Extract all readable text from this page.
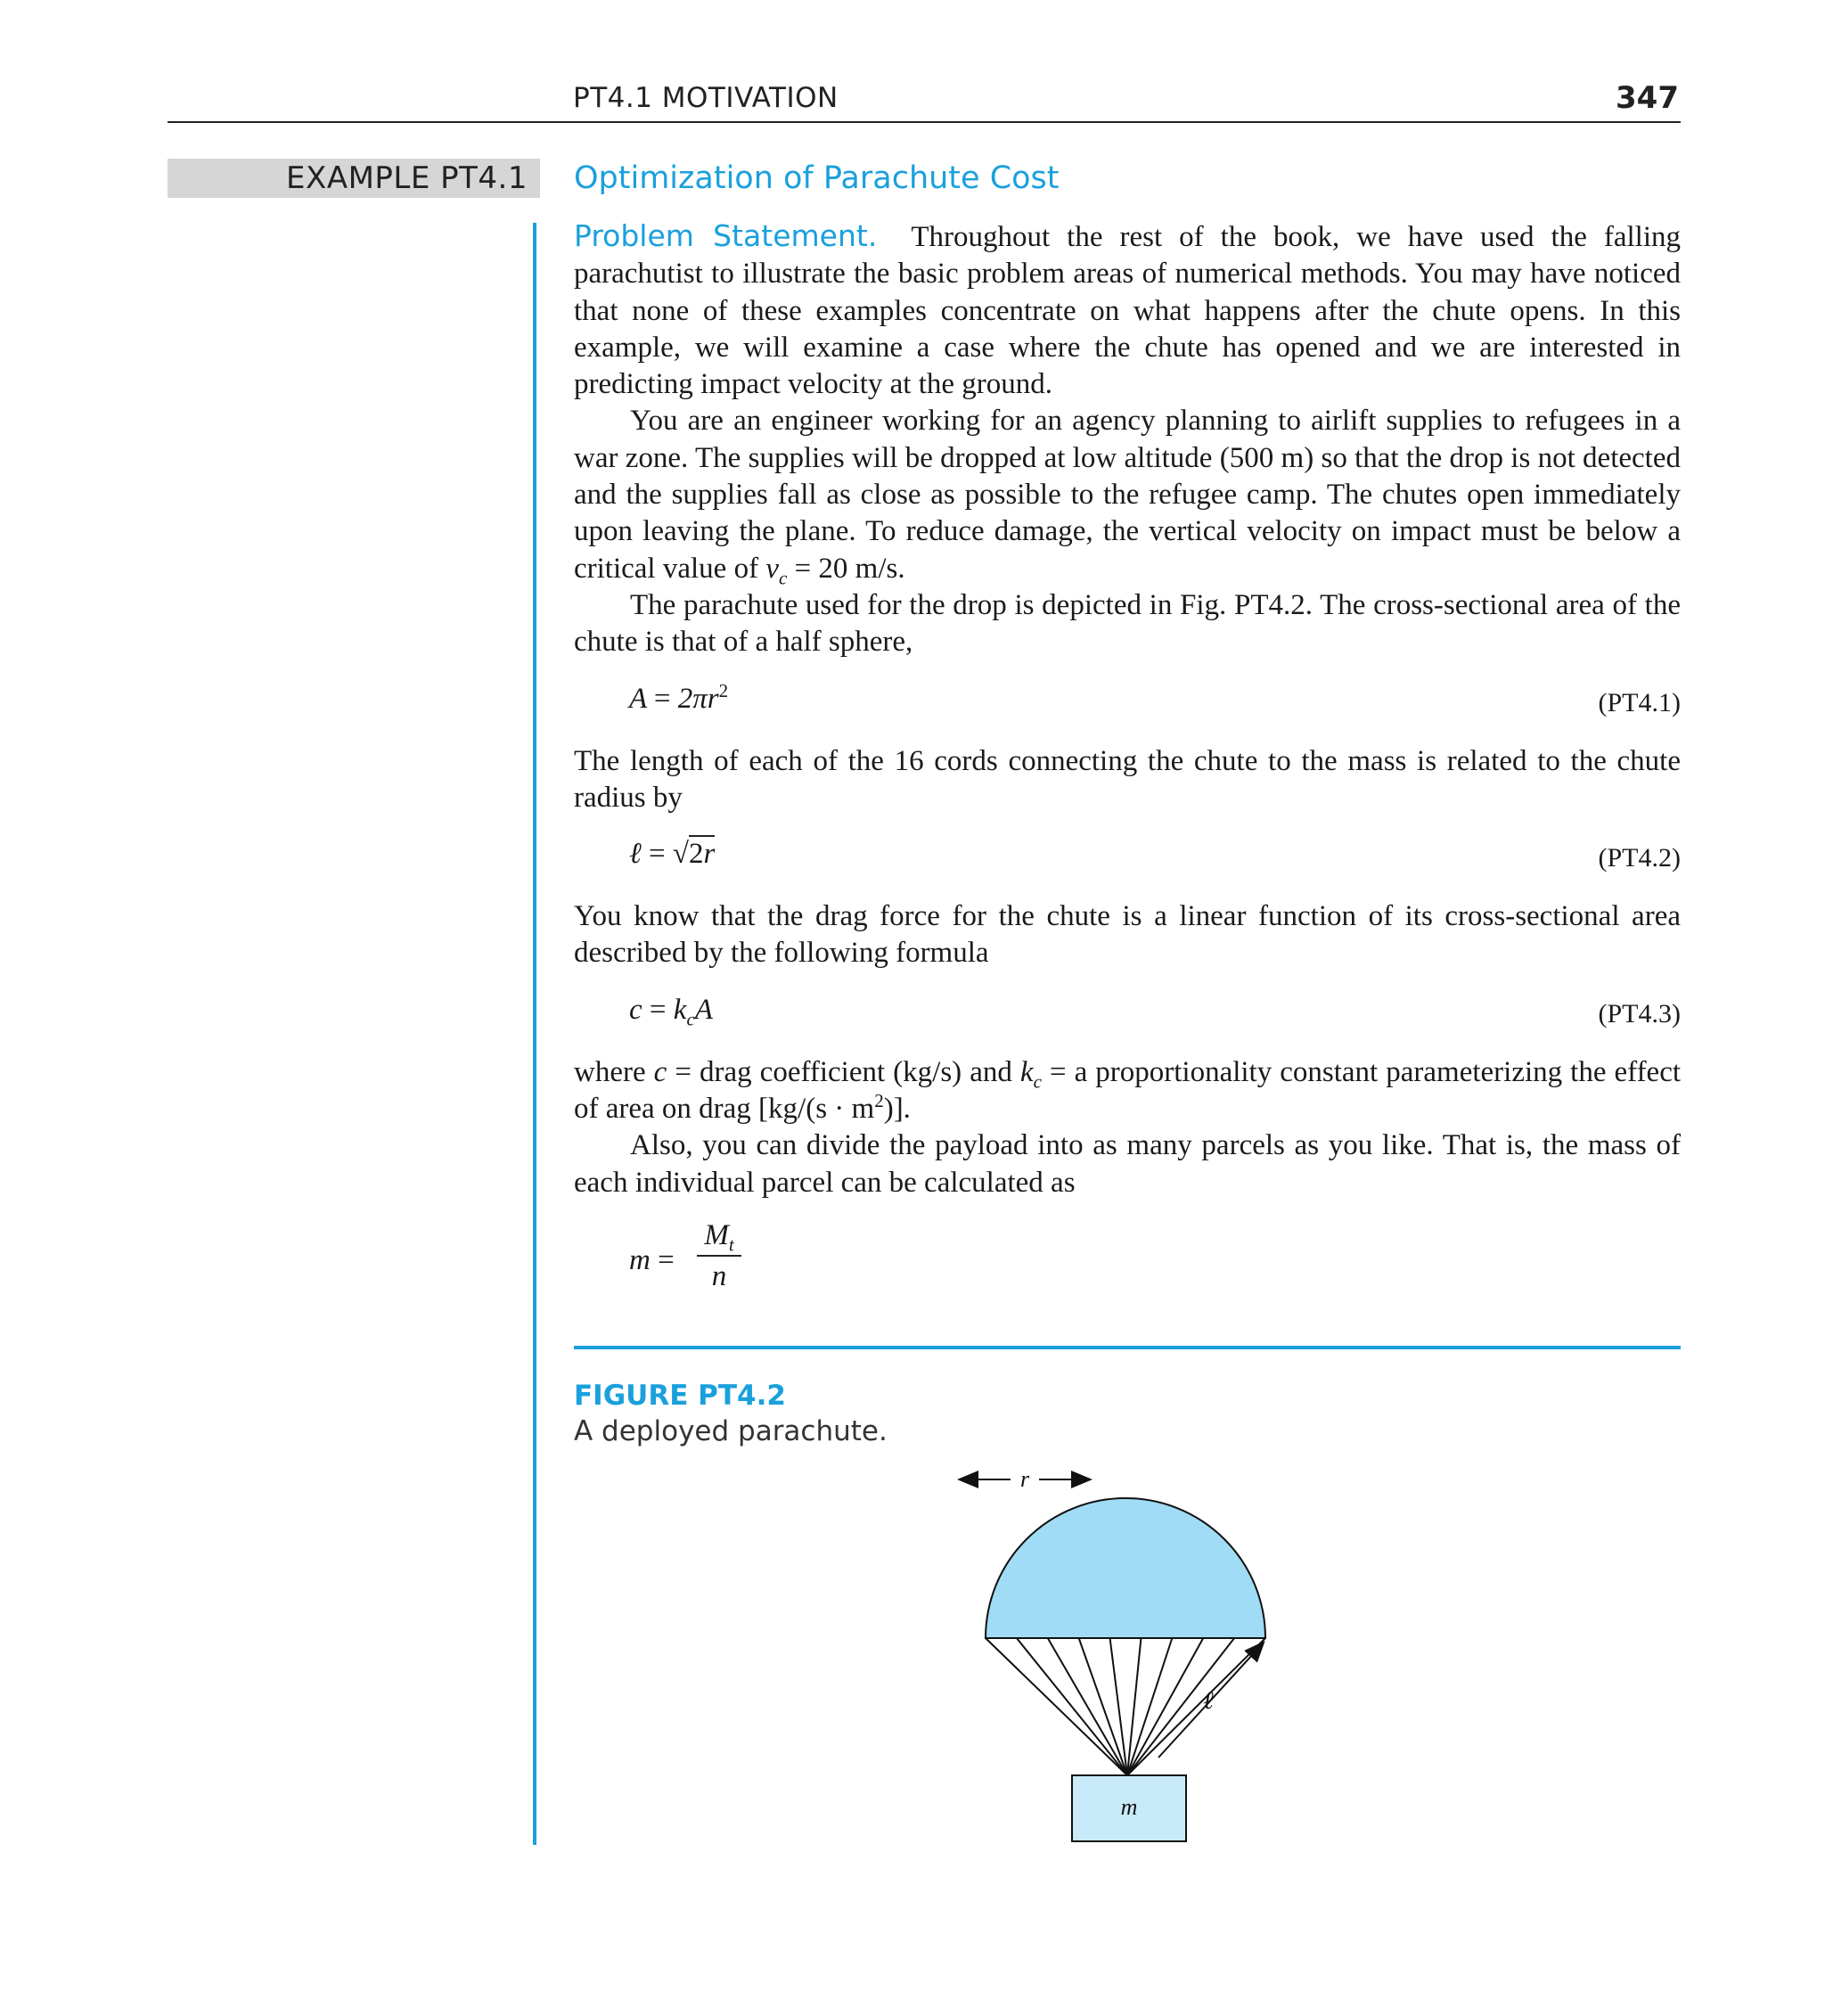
PT4.1 MOTIVATION	347
EXAMPLE PT4.1 Optimization of Parachute Cost

Problem Statement. Throughout the rest of the book, we have used the falling parachutist to illustrate the basic problem areas of numerical methods. You may have noticed that none of these examples concentrate on what happens after the chute opens. In this example, we will examine a case where the chute has opened and we are interested in predicting impact velocity at the ground.

You are an engineer working for an agency planning to airlift supplies to refugees in a war zone. The supplies will be dropped at low altitude (500 m) so that the drop is not detected and the supplies fall as close as possible to the refugee camp. The chutes open immediately upon leaving the plane. To reduce damage, the vertical velocity on impact must be below a critical value of $v_c = 20$ m/s.

The parachute used for the drop is depicted in Fig. PT4.2. The cross-sectional area of the chute is that of a half sphere,

$A = 2\pi r^2$	(PT4.1)

The length of each of the 16 cords connecting the chute to the mass is related to the chute radius by

ℓ = √2r	(PT4.2)

You know that the drag force for the chute is a linear function of its cross-sectional area described by the following formula

$c = k_cA$	(PT4.3)

where c = drag coefficient (kg/s) and $k_c = a$ proportionality constant parameterizing the effect of area on drag $[kg/(s \cdot m^2)]$.

Also, you can divide the payload into as many parcels as you like. That is, the mass of each individual parcel can be calculated as

$m = \frac{M_t}{n}$
FIGURE PT4.2
A deployed parachute.
r
ℓ
m
